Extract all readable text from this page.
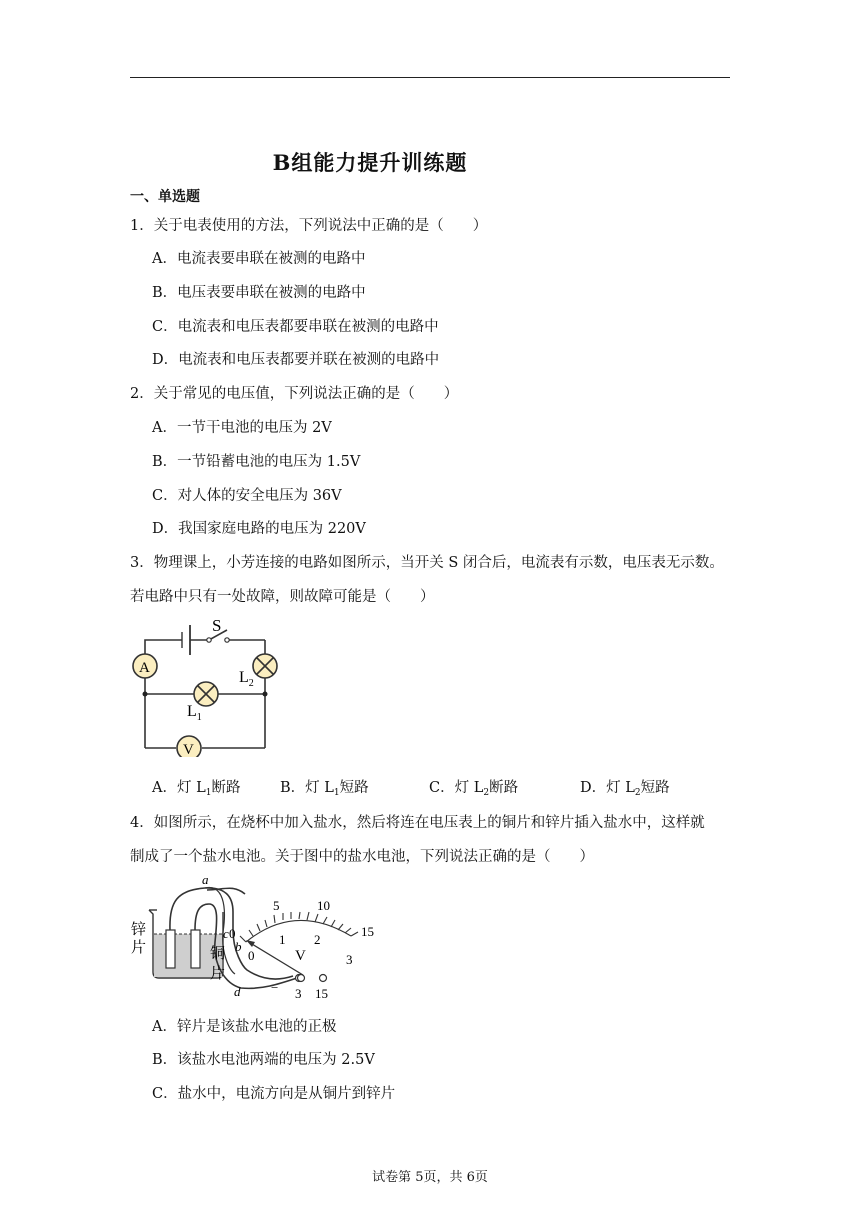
B组能力提升训练题
一、单选题
1．关于电表使用的方法，下列说法中正确的是（　　）
A．电流表要串联在被测的电路中
B．电压表要串联在被测的电路中
C．电流表和电压表都要串联在被测的电路中
D．电流表和电压表都要并联在被测的电路中
2．关于常见的电压值，下列说法正确的是（　　）
A．一节干电池的电压为 2V
B．一节铅蓄电池的电压为 1.5V
C．对人体的安全电压为 36V
D．我国家庭电路的电压为 220V
3．物理课上，小芳连接的电路如图所示，当开关 S 闭合后，电流表有示数，电压表无示数。
若电路中只有一处故障，则故障可能是（　　）
S
A
V
$L_2$
$L_1$
A．灯 $L_1$断路	B．灯 $L_1$短路	C．灯 $L_2$断路	D．灯 $L_2$短路
4．如图所示，在烧杯中加入盐水，然后将连在电压表上的铜片和锌片插入盐水中，这样就
制成了一个盐水电池。关于图中的盐水电池，下列说法正确的是（　　）
锌
片	铜
片
a
b
c
d
0
5	10
15
0
1 2
3
V
− 3 15
A．锌片是该盐水电池的正极
B．该盐水电池两端的电压为 2.5V
C．盐水中，电流方向是从铜片到锌片
试卷第 5页，共 6页
